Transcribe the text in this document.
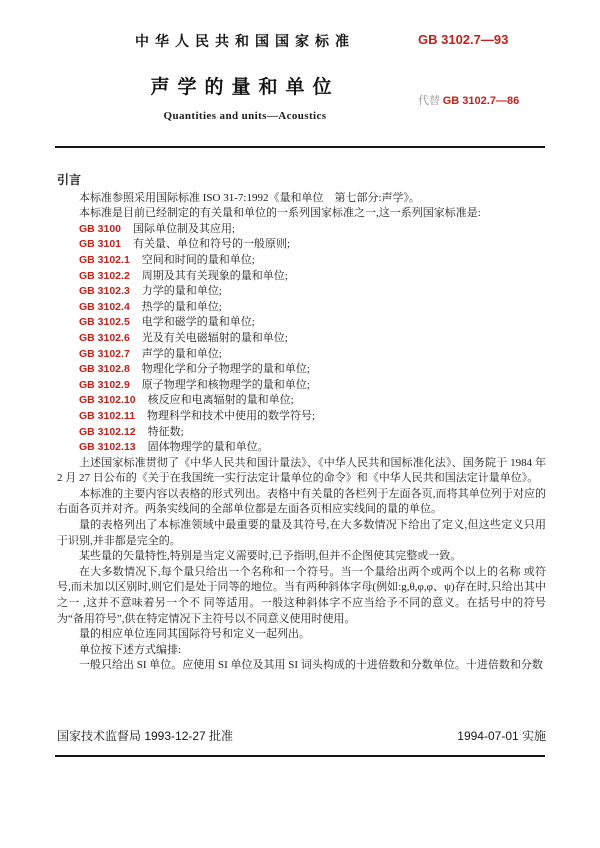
中华人民共和国国家标准	GB 3102.7—93
声学的量和单位
代替 GB 3102.7—86
Quantities and units—Acoustics
引言

本标准参照采用国际标准 ISO 31-7:1992《量和单位　第七部分:声学》。

本标准是目前已经制定的有关量和单位的一系列国家标准之一,这一系列国家标准是:

GB 3100 国际单位制及其应用;
GB 3101 有关量、单位和符号的一般原则;
GB 3102.1 空间和时间的量和单位;
GB 3102.2 周期及其有关现象的量和单位;
GB 3102.3 力学的量和单位;
GB 3102.4 热学的量和单位;
GB 3102.5 电学和磁学的量和单位;
GB 3102.6 光及有关电磁辐射的量和单位;
GB 3102.7 声学的量和单位;
GB 3102.8 物理化学和分子物理学的量和单位;
GB 3102.9 原子物理学和核物理学的量和单位;
GB 3102.10 核反应和电离辐射的量和单位;
GB 3102.11 物理科学和技术中使用的数学符号;
GB 3102.12 特征数;
GB 3102.13 固体物理学的量和单位。

上述国家标准贯彻了《中华人民共和国计量法》、《中华人民共和国标准化法》、国务院于 1984 年 2 月 27 日公布的《关于在我国统一实行法定计量单位的命令》和《中华人民共和国法定计量单位》。

本标准的主要内容以表格的形式列出。表格中有关量的各栏列于左面各页,而将其单位列于对应的右面各页并对齐。两条实线间的全部单位都是左面各页相应实线间的量的单位。

量的表格列出了本标准领域中最重要的量及其符号,在大多数情况下给出了定义,但这些定义只用于识别,并非都是完全的。

某些量的矢量特性,特别是当定义需要时,已予指明,但并不企图使其完整或一致。

在大多数情况下,每个量只给出一个名称和一个符号。当一个量给出两个或两个以上的名称 或符号,而未加以区别时,则它们是处于同等的地位。当有两种斜体字母(例如:g,θ,φ,φ、ψ)存在时,只给出其中之一 ,这并不意味着另一个不 同等适用。一般这种斜体字不应当给予不同的意义。在括号中的符号为“备用符号”,供在特定情况下主符号以不同意义使用时使用。

量的相应单位连同其国际符号和定义一起列出。

单位按下述方式编排:

一般只给出 SI 单位。应使用 SI 单位及其用 SI 词头构成的十进倍数和分数单位。十进倍数和分数

国家技术监督局 1993-12-27 批准	1994-07-01 实施
